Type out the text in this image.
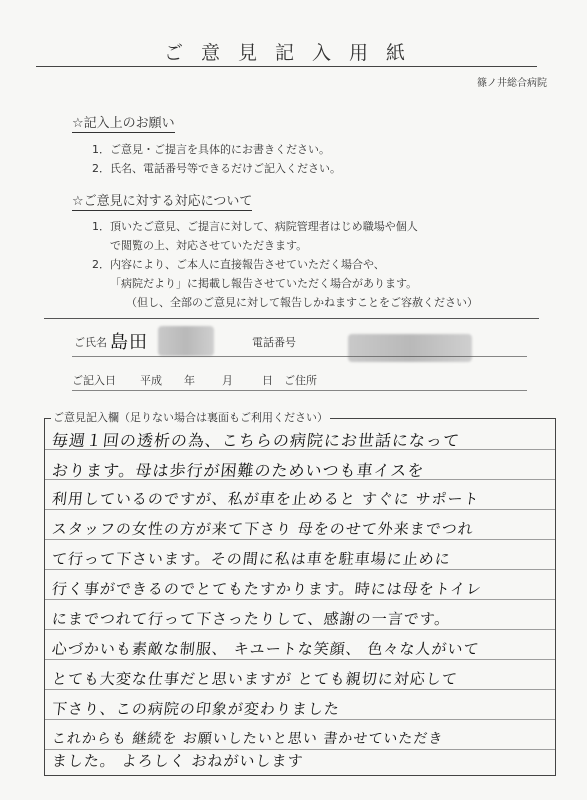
ご意見記入用紙
篠ノ井総合病院
☆記入上のお願い
1．ご意見・ご提言を具体的にお書きください。
2．氏名、電話番号等できるだけご記入ください。
☆ご意見に対する対応について
1．頂いたご意見、ご提言に対して、病院管理者はじめ職場や個人
で閲覧の上、対応させていただきます。
2．内容により、ご本人に直接報告させていただく場合や、
「病院だより」に掲載し報告させていただく場合があります。
（但し、全部のご意見に対して報告しかねますことをご容赦ください）
ご氏名 島田	電話番号
ご記入日 平成 年 月	日 ご住所
ご意見記入欄（足りない場合は裏面もご利用ください）
毎週１回の透析の為、こちらの病院にお世話になって
おります。母は歩行が困難のためいつも車イスを
利用しているのですが、私が車を止めると すぐに サポート
スタッフの女性の方が来て下さり 母をのせて外来までつれ
て行って下さいます。その間に私は車を駐車場に止めに
行く事ができるのでとてもたすかります。時には母をトイレ
にまでつれて行って下さったりして、感謝の一言です。
心づかいも素敵な制服、 キユートな笑顔、 色々な人がいて
とても大変な仕事だと思いますが とても親切に対応して
下さり、この病院の印象が変わりました
これからも 継続を お願いしたいと思い 書かせていただき
ました。 よろしく おねがいします
